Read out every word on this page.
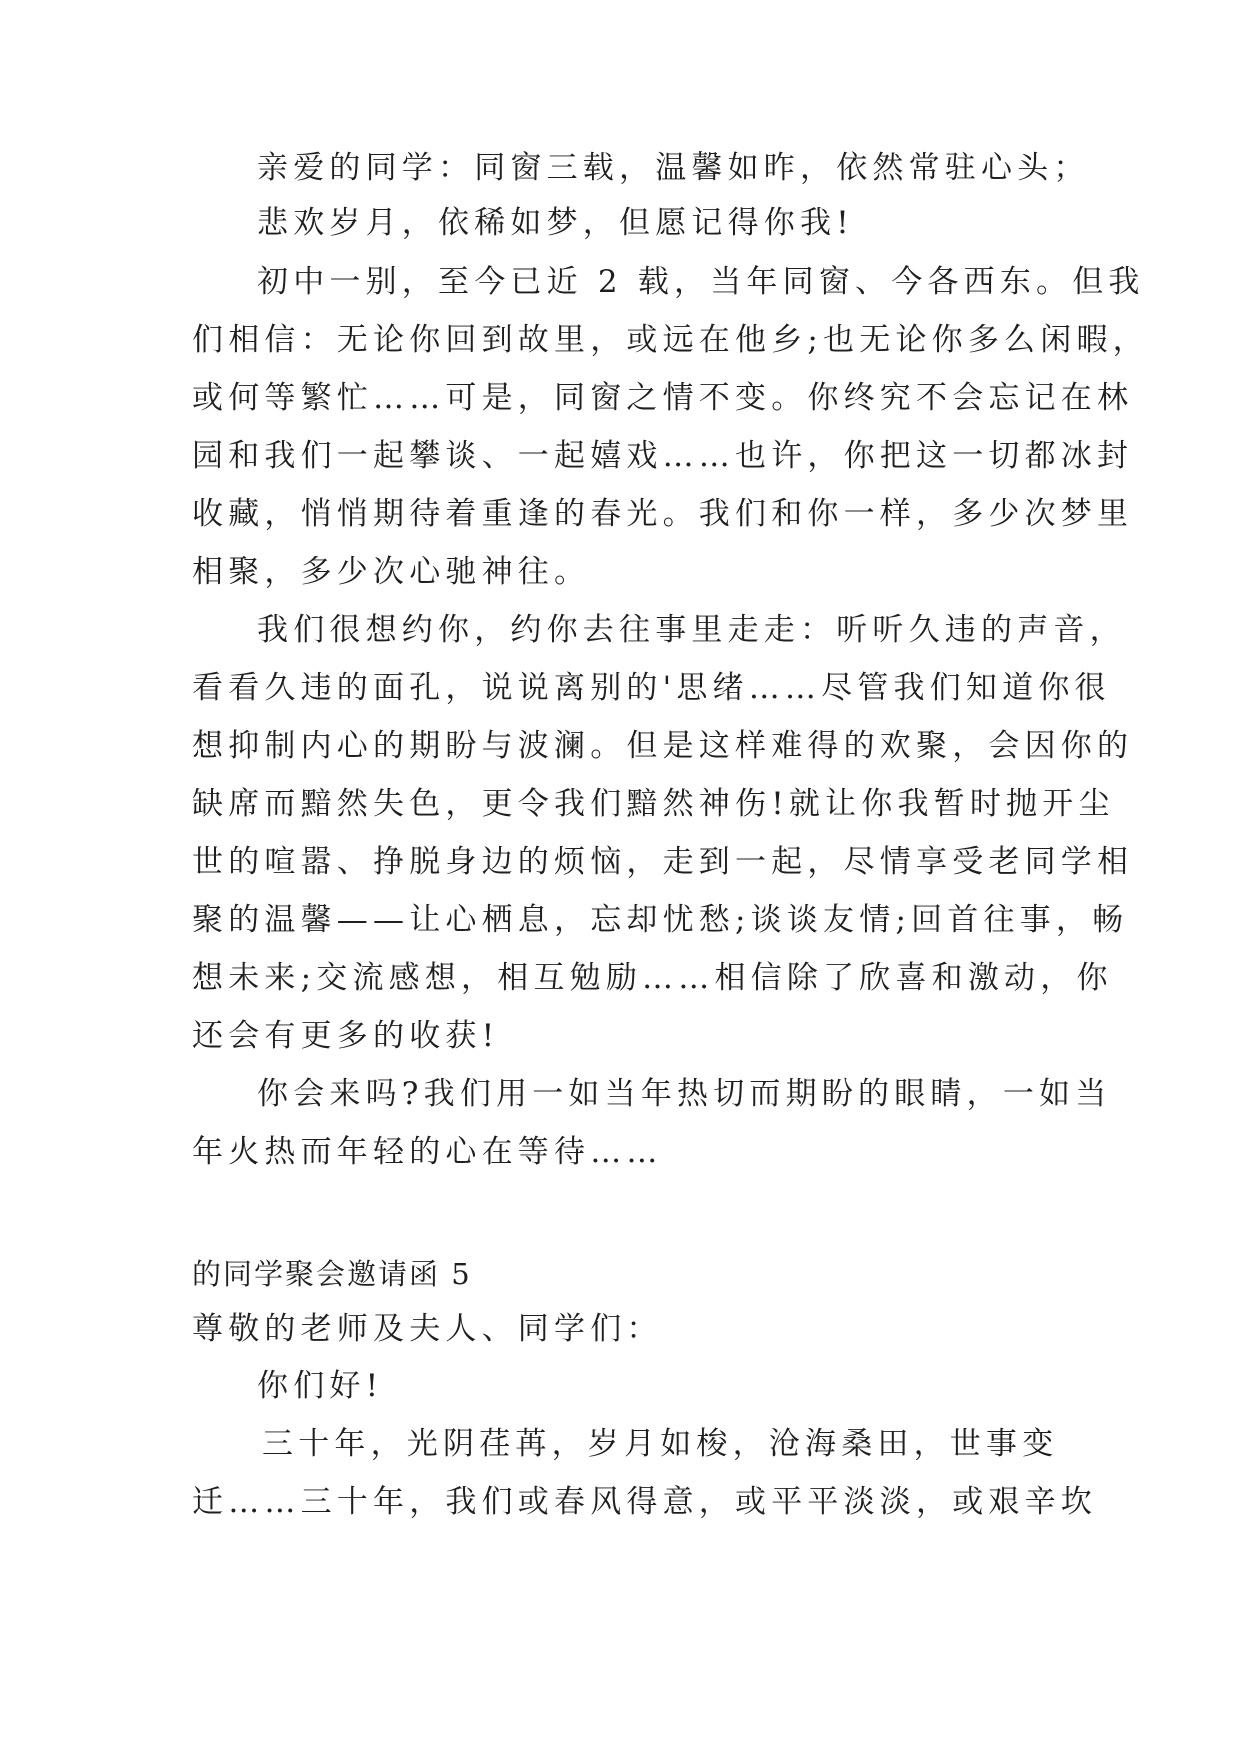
亲爱的同学：同窗三载，温馨如昨，依然常驻心头；

悲欢岁月，依稀如梦，但愿记得你我!

初中一别，至今已近 2 载，当年同窗、今各西东。但我

们相信：无论你回到故里，或远在他乡;也无论你多么闲暇，

或何等繁忙……可是，同窗之情不变。你终究不会忘记在林

园和我们一起攀谈、一起嬉戏……也许，你把这一切都冰封

收藏，悄悄期待着重逢的春光。我们和你一样，多少次梦里

相聚，多少次心驰神往。

我们很想约你，约你去往事里走走：听听久违的声音，

看看久违的面孔，说说离别的'思绪……尽管我们知道你很

想抑制内心的期盼与波澜。但是这样难得的欢聚，会因你的

缺席而黯然失色，更令我们黯然神伤!就让你我暂时抛开尘

世的喧嚣、挣脱身边的烦恼，走到一起，尽情享受老同学相

聚的温馨——让心栖息，忘却忧愁;谈谈友情;回首往事，畅

想未来;交流感想，相互勉励……相信除了欣喜和激动，你

还会有更多的收获!

你会来吗?我们用一如当年热切而期盼的眼睛，一如当

年火热而年轻的心在等待……

的同学聚会邀请函 5

尊敬的老师及夫人、同学们：

你们好!

三十年，光阴荏苒，岁月如梭，沧海桑田，世事变

迁……三十年，我们或春风得意，或平平淡淡，或艰辛坎
